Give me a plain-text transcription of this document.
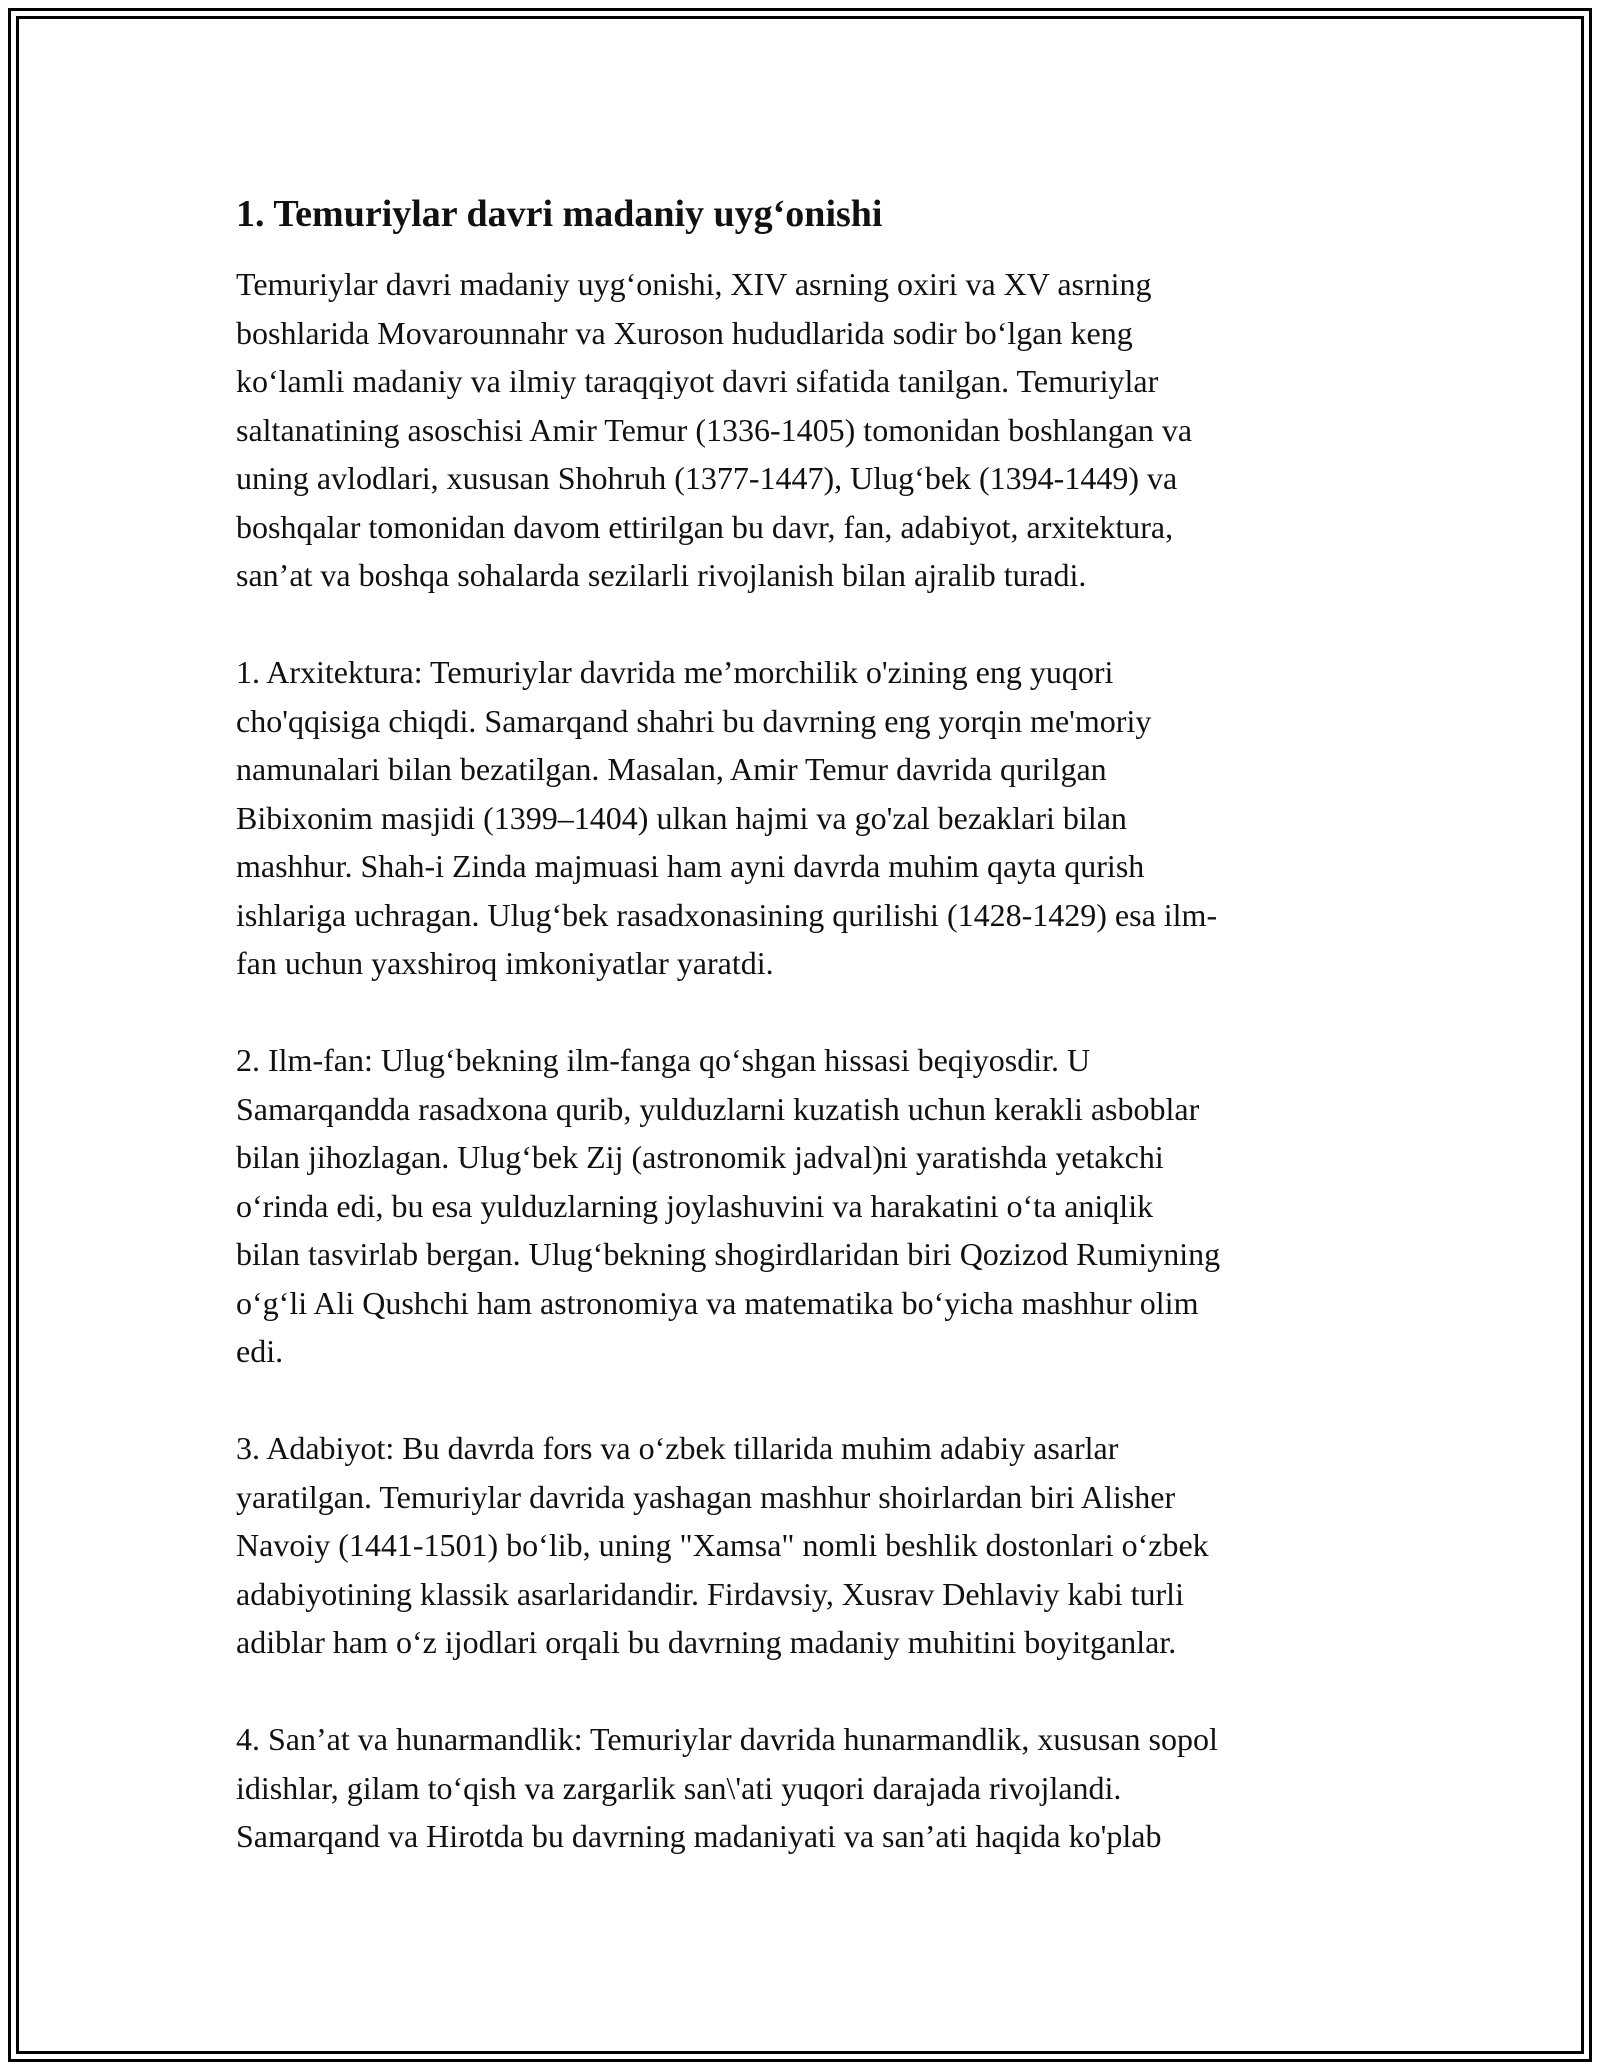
1. Temuriylar davri madaniy uyg‘onishi
Temuriylar davri madaniy uyg‘onishi, XIV asrning oxiri va XV asrning
boshlarida Movarounnahr va Xuroson hududlarida sodir bo‘lgan keng
ko‘lamli madaniy va ilmiy taraqqiyot davri sifatida tanilgan. Temuriylar
saltanatining asoschisi Amir Temur (1336-1405) tomonidan boshlangan va
uning avlodlari, xususan Shohruh (1377-1447), Ulug‘bek (1394-1449) va
boshqalar tomonidan davom ettirilgan bu davr, fan, adabiyot, arxitektura,
san’at va boshqa sohalarda sezilarli rivojlanish bilan ajralib turadi.
1. Arxitektura: Temuriylar davrida me’morchilik o'zining eng yuqori
cho'qqisiga chiqdi. Samarqand shahri bu davrning eng yorqin me'moriy
namunalari bilan bezatilgan. Masalan, Amir Temur davrida qurilgan
Bibixonim masjidi (1399–1404) ulkan hajmi va go'zal bezaklari bilan
mashhur. Shah-i Zinda majmuasi ham ayni davrda muhim qayta qurish
ishlariga uchragan. Ulug‘bek rasadxonasining qurilishi (1428-1429) esa ilm-
fan uchun yaxshiroq imkoniyatlar yaratdi.
2. Ilm-fan: Ulug‘bekning ilm-fanga qo‘shgan hissasi beqiyosdir. U
Samarqandda rasadxona qurib, yulduzlarni kuzatish uchun kerakli asboblar
bilan jihozlagan. Ulug‘bek Zij (astronomik jadval)ni yaratishda yetakchi
o‘rinda edi, bu esa yulduzlarning joylashuvini va harakatini o‘ta aniqlik
bilan tasvirlab bergan. Ulug‘bekning shogirdlaridan biri Qozizod Rumiyning
o‘g‘li Ali Qushchi ham astronomiya va matematika bo‘yicha mashhur olim
edi.
3. Adabiyot: Bu davrda fors va o‘zbek tillarida muhim adabiy asarlar
yaratilgan. Temuriylar davrida yashagan mashhur shoirlardan biri Alisher
Navoiy (1441-1501) bo‘lib, uning "Xamsa" nomli beshlik dostonlari o‘zbek
adabiyotining klassik asarlaridandir. Firdavsiy, Xusrav Dehlaviy kabi turli
adiblar ham o‘z ijodlari orqali bu davrning madaniy muhitini boyitganlar.
4. San’at va hunarmandlik: Temuriylar davrida hunarmandlik, xususan sopol
idishlar, gilam to‘qish va zargarlik san\'ati yuqori darajada rivojlandi.
Samarqand va Hirotda bu davrning madaniyati va san’ati haqida ko'plab
